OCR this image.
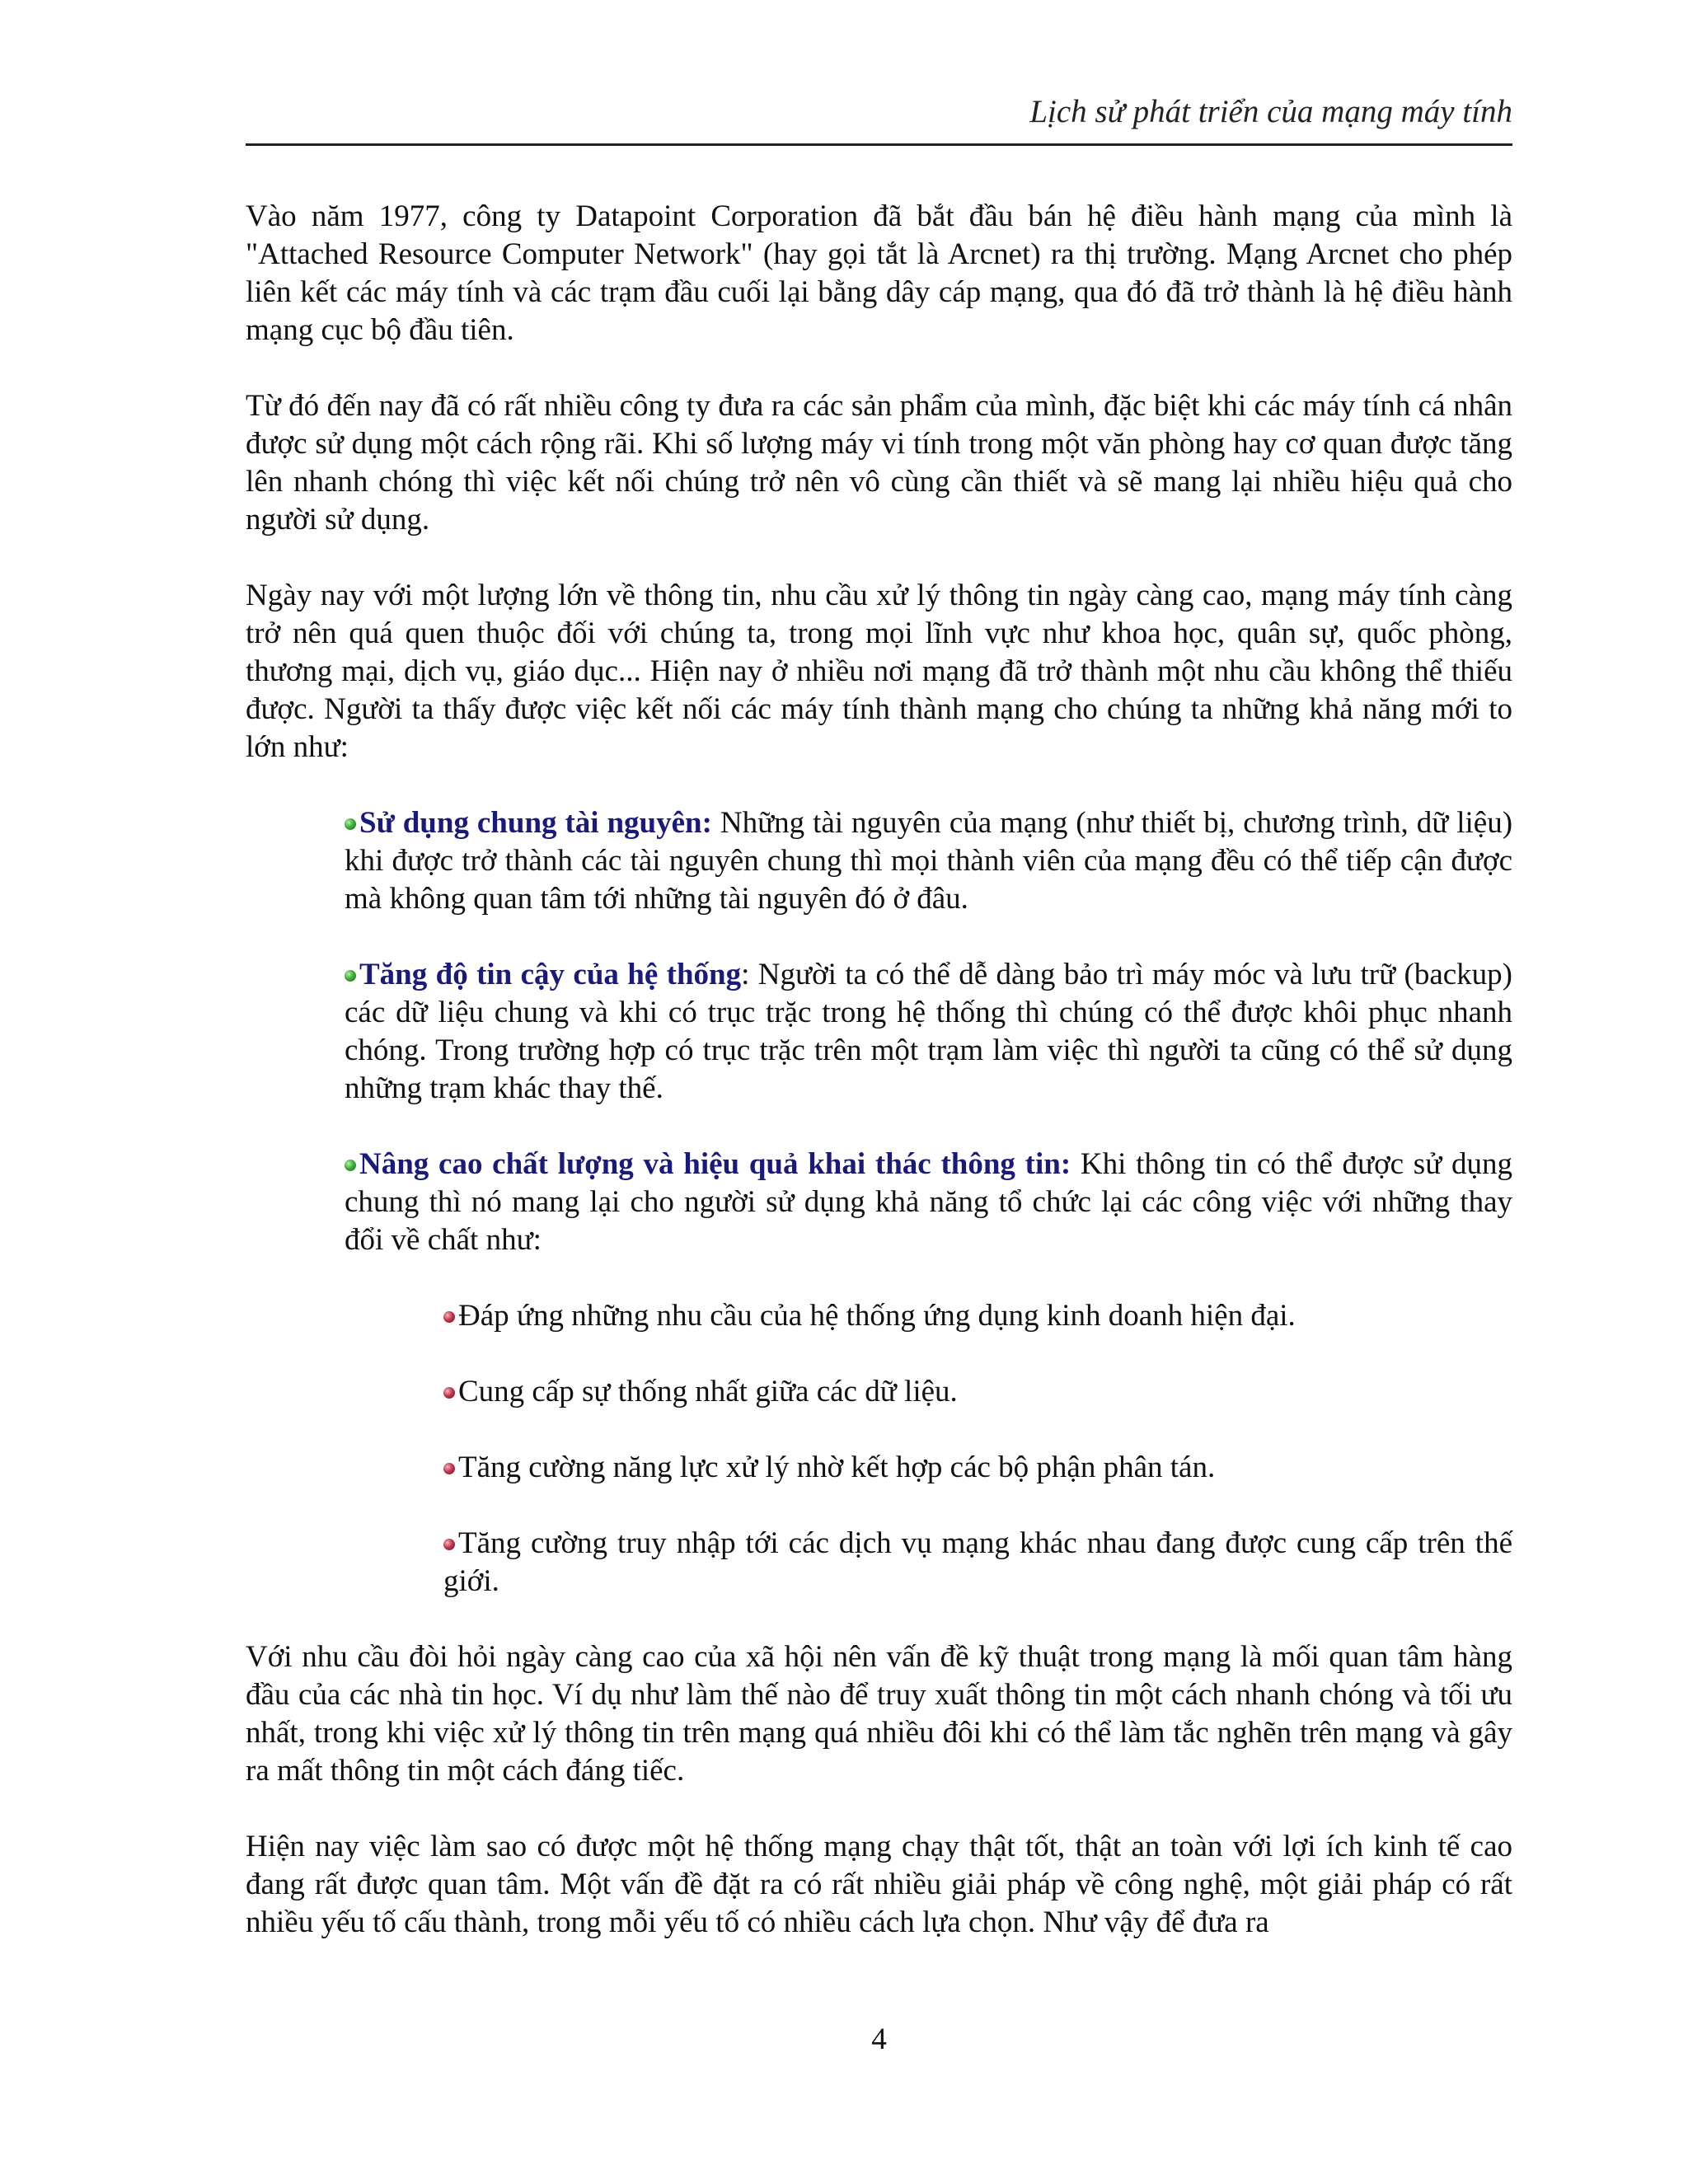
Lịch sử phát triển của mạng máy tính

Vào năm 1977, công ty Datapoint Corporation đã bắt đầu bán hệ điều hành mạng của mình là "Attached Resource Computer Network" (hay gọi tắt là Arcnet) ra thị trường. Mạng Arcnet cho phép liên kết các máy tính và các trạm đầu cuối lại bằng dây cáp mạng, qua đó đã trở thành là hệ điều hành mạng cục bộ đầu tiên.

Từ đó đến nay đã có rất nhiều công ty đưa ra các sản phẩm của mình, đặc biệt khi các máy tính cá nhân được sử dụng một cách rộng rãi. Khi số lượng máy vi tính trong một văn phòng hay cơ quan được tăng lên nhanh chóng thì việc kết nối chúng trở nên vô cùng cần thiết và sẽ mang lại nhiều hiệu quả cho người sử dụng.

Ngày nay với một lượng lớn về thông tin, nhu cầu xử lý thông tin ngày càng cao, mạng máy tính càng trở nên quá quen thuộc đối với chúng ta, trong mọi lĩnh vực như khoa học, quân sự, quốc phòng, thương mại, dịch vụ, giáo dục... Hiện nay ở nhiều nơi mạng đã trở thành một nhu cầu không thể thiếu được. Người ta thấy được việc kết nối các máy tính thành mạng cho chúng ta những khả năng mới to lớn như:

Sử dụng chung tài nguyên: Những tài nguyên của mạng (như thiết bị, chương trình, dữ liệu) khi được trở thành các tài nguyên chung thì mọi thành viên của mạng đều có thể tiếp cận được mà không quan tâm tới những tài nguyên đó ở đâu.
Tăng độ tin cậy của hệ thống: Người ta có thể dễ dàng bảo trì máy móc và lưu trữ (backup) các dữ liệu chung và khi có trục trặc trong hệ thống thì chúng có thể được khôi phục nhanh chóng. Trong trường hợp có trục trặc trên một trạm làm việc thì người ta cũng có thể sử dụng những trạm khác thay thế.
Nâng cao chất lượng và hiệu quả khai thác thông tin: Khi thông tin có thể được sử dụng chung thì nó mang lại cho người sử dụng khả năng tổ chức lại các công việc với những thay đổi về chất như:
Đáp ứng những nhu cầu của hệ thống ứng dụng kinh doanh hiện đại.
Cung cấp sự thống nhất giữa các dữ liệu.
Tăng cường năng lực xử lý nhờ kết hợp các bộ phận phân tán.
Tăng cường truy nhập tới các dịch vụ mạng khác nhau đang được cung cấp trên thế giới.

Với nhu cầu đòi hỏi ngày càng cao của xã hội nên vấn đề kỹ thuật trong mạng là mối quan tâm hàng đầu của các nhà tin học. Ví dụ như làm thế nào để truy xuất thông tin một cách nhanh chóng và tối ưu nhất, trong khi việc xử lý thông tin trên mạng quá nhiều đôi khi có thể làm tắc nghẽn trên mạng và gây ra mất thông tin một cách đáng tiếc.

Hiện nay việc làm sao có được một hệ thống mạng chạy thật tốt, thật an toàn với lợi ích kinh tế cao đang rất được quan tâm. Một vấn đề đặt ra có rất nhiều giải pháp về công nghệ, một giải pháp có rất nhiều yếu tố cấu thành, trong mỗi yếu tố có nhiều cách lựa chọn. Như vậy để đưa ra

4
